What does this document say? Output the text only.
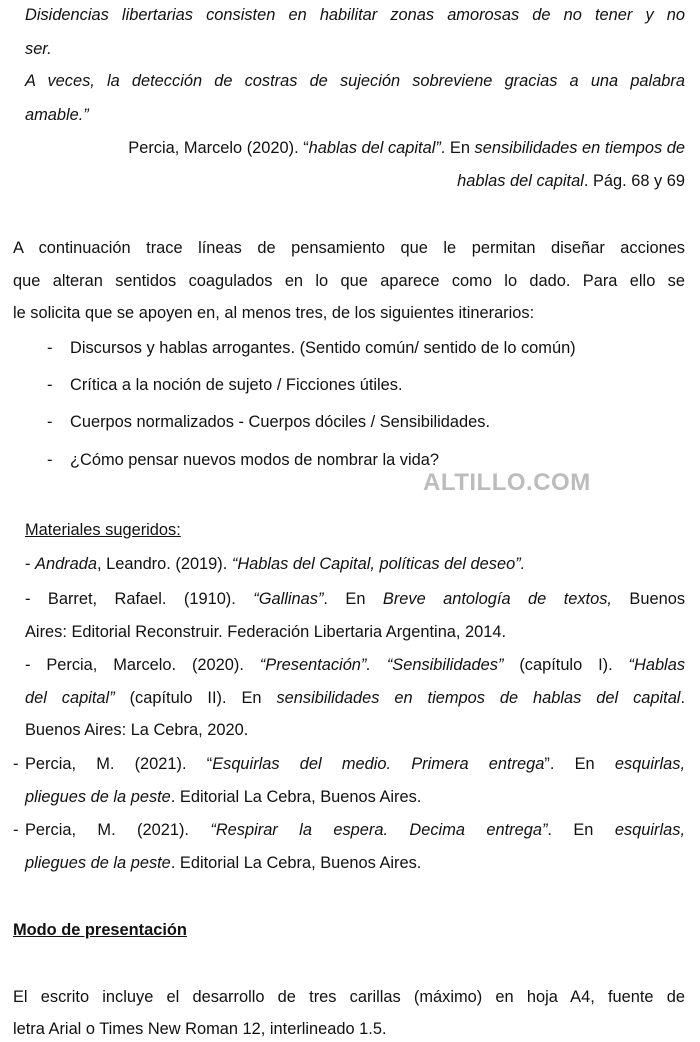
Disidencias libertarias consisten en habilitar zonas amorosas de no tener y no
ser.
A veces, la detección de costras de sujeción sobreviene gracias a una palabra
amable.”
Percia, Marcelo (2020). “hablas del capital”. En sensibilidades en tiempos de
hablas del capital. Pág. 68 y 69
A continuación trace líneas de pensamiento que le permitan diseñar acciones
que alteran sentidos coagulados en lo que aparece como lo dado. Para ello se
le solicita que se apoyen en, al menos tres, de los siguientes itinerarios:
- Discursos y hablas arrogantes. (Sentido común/ sentido de lo común)
- Crítica a la noción de sujeto / Ficciones útiles.
- Cuerpos normalizados - Cuerpos dóciles / Sensibilidades.
- ¿Cómo pensar nuevos modos de nombrar la vida?
ALTILLO.COM
Materiales sugeridos:
- Andrada, Leandro. (2019). “Hablas del Capital, políticas del deseo”.
- Barret, Rafael. (1910). “Gallinas”. En Breve antología de textos, Buenos
Aires: Editorial Reconstruir. Federación Libertaria Argentina, 2014.
- Percia, Marcelo. (2020). “Presentación”. “Sensibilidades” (capítulo I). “Hablas
del capital” (capítulo II). En sensibilidades en tiempos de hablas del capital.
Buenos Aires: La Cebra, 2020.
- Percia, M. (2021). “Esquirlas del medio. Primera entrega”. En esquirlas,
pliegues de la peste. Editorial La Cebra, Buenos Aires.
- Percia, M. (2021). “Respirar la espera. Decima entrega”. En esquirlas,
pliegues de la peste. Editorial La Cebra, Buenos Aires.
Modo de presentación
El escrito incluye el desarrollo de tres carillas (máximo) en hoja A4, fuente de
letra Arial o Times New Roman 12, interlineado 1.5.
